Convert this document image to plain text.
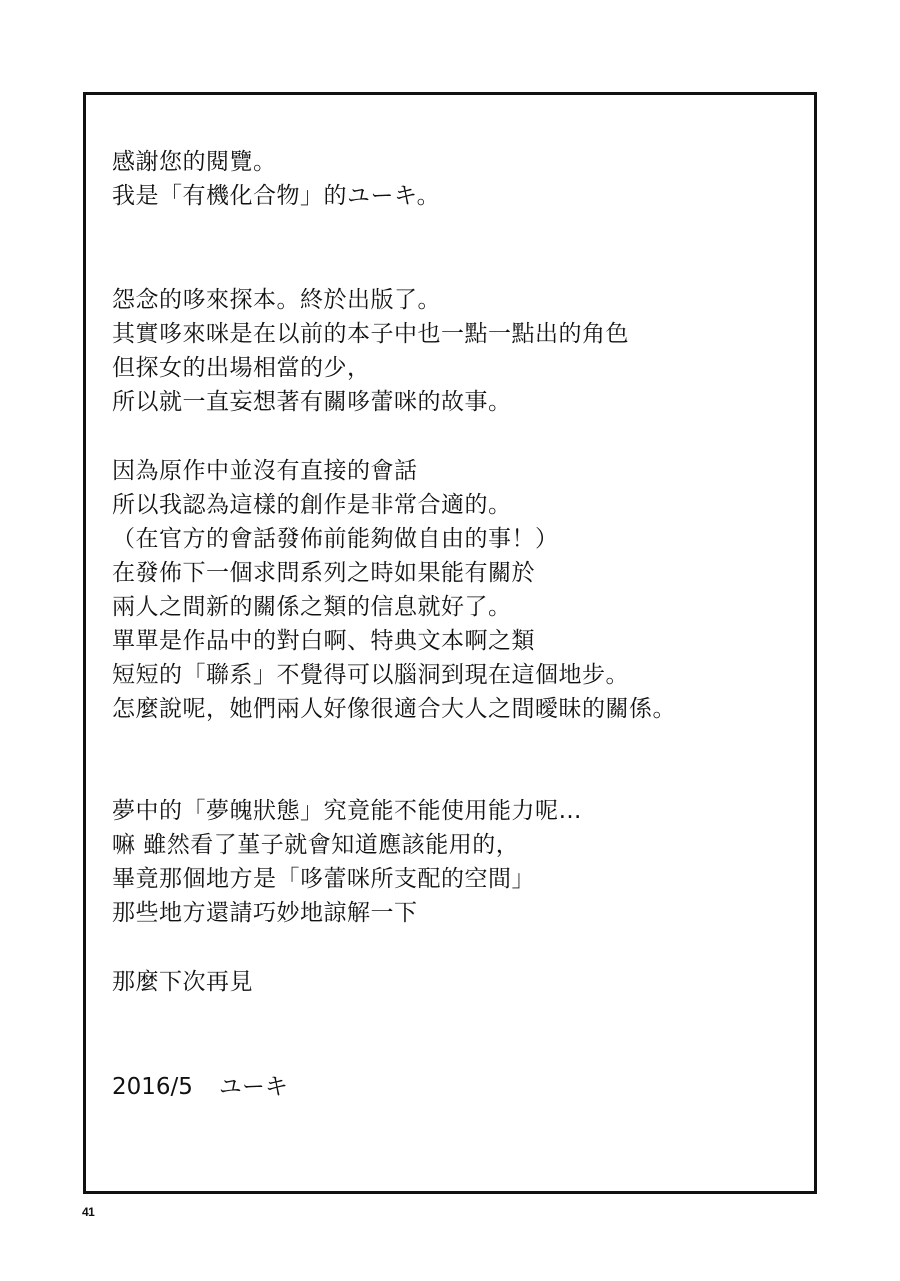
感謝您的閱覽。
我是「有機化合物」的ユーキ。
怨念的哆來探本。終於出版了。
其實哆來咪是在以前的本子中也一點一點出的角色
但探女的出場相當的少，
所以就一直妄想著有關哆蕾咪的故事。
因為原作中並沒有直接的會話
所以我認為這樣的創作是非常合適的。
（在官方的會話發佈前能夠做自由的事！）
在發佈下一個求問系列之時如果能有關於
兩人之間新的關係之類的信息就好了。
單單是作品中的對白啊、特典文本啊之類
短短的「聯系」不覺得可以腦洞到現在這個地步。
怎麼說呢，她們兩人好像很適合大人之間曖昧的關係。
夢中的「夢魄狀態」究竟能不能使用能力呢…
嘛 雖然看了堇子就會知道應該能用的，
畢竟那個地方是「哆蕾咪所支配的空間」
那些地方還請巧妙地諒解一下
那麼下次再見
2016/5 ユーキ
41
